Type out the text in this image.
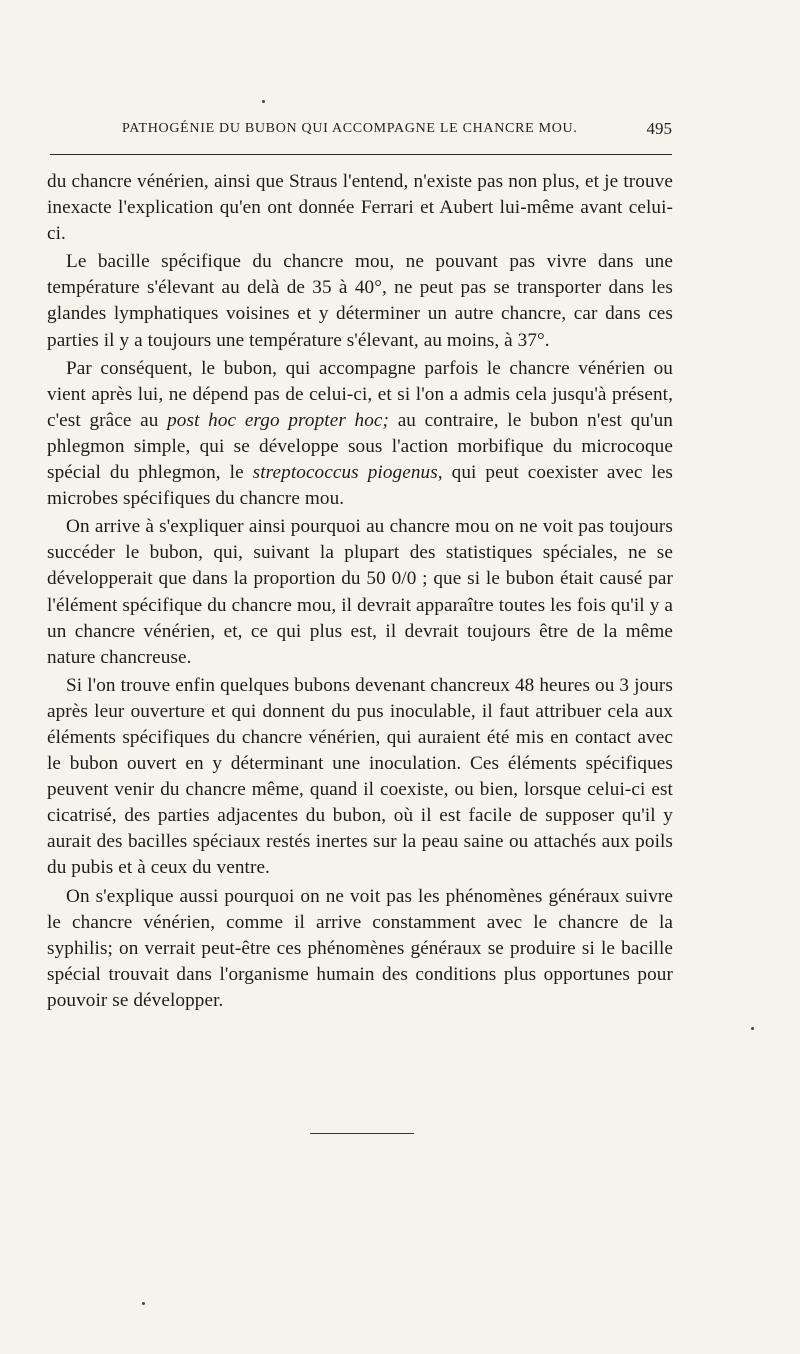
PATHOGÉNIE DU BUBON QUI ACCOMPAGNE LE CHANCRE MOU.	495

du chancre vénérien, ainsi que Straus l'entend, n'existe pas non plus, et je trouve inexacte l'explication qu'en ont donnée Ferrari et Aubert lui-même avant celui-ci.

Le bacille spécifique du chancre mou, ne pouvant pas vivre dans une température s'élevant au delà de 35 à 40°, ne peut pas se transporter dans les glandes lymphatiques voisines et y déterminer un autre chancre, car dans ces parties il y a toujours une température s'élevant, au moins, à 37°.

Par conséquent, le bubon, qui accompagne parfois le chancre vénérien ou vient après lui, ne dépend pas de celui-ci, et si l'on a admis cela jusqu'à présent, c'est grâce au post hoc ergo propter hoc; au contraire, le bubon n'est qu'un phlegmon simple, qui se développe sous l'action morbifique du microcoque spécial du phlegmon, le streptococcus piogenus, qui peut coexister avec les microbes spécifiques du chancre mou.

On arrive à s'expliquer ainsi pourquoi au chancre mou on ne voit pas toujours succéder le bubon, qui, suivant la plupart des statistiques spéciales, ne se développerait que dans la proportion du 50 0/0 ; que si le bubon était causé par l'élément spécifique du chancre mou, il devrait apparaître toutes les fois qu'il y a un chancre vénérien, et, ce qui plus est, il devrait toujours être de la même nature chancreuse.

Si l'on trouve enfin quelques bubons devenant chancreux 48 heures ou 3 jours après leur ouverture et qui donnent du pus inoculable, il faut attribuer cela aux éléments spécifiques du chancre vénérien, qui auraient été mis en contact avec le bubon ouvert en y déterminant une inoculation. Ces éléments spécifiques peuvent venir du chancre même, quand il coexiste, ou bien, lorsque celui-ci est cicatrisé, des parties adjacentes du bubon, où il est facile de supposer qu'il y aurait des bacilles spéciaux restés inertes sur la peau saine ou attachés aux poils du pubis et à ceux du ventre.

On s'explique aussi pourquoi on ne voit pas les phénomènes généraux suivre le chancre vénérien, comme il arrive constamment avec le chancre de la syphilis; on verrait peut-être ces phénomènes généraux se produire si le bacille spécial trouvait dans l'organisme humain des conditions plus opportunes pour pouvoir se développer.
